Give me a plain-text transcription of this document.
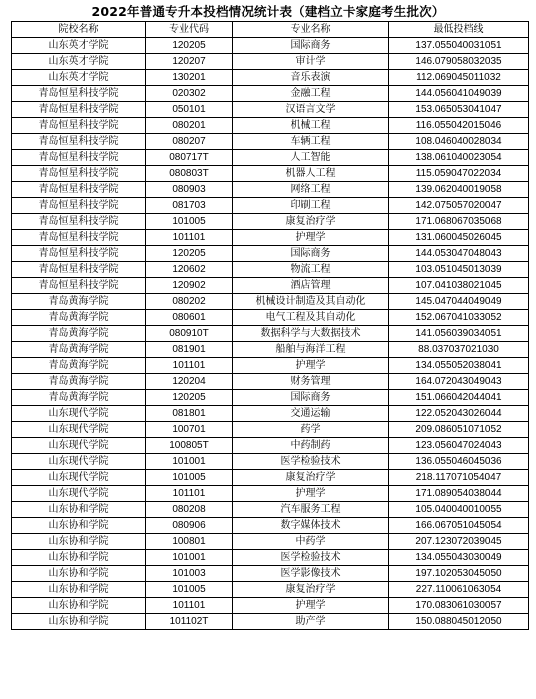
2022年普通专升本投档情况统计表（建档立卡家庭考生批次）
院校名称	专业代码	专业名称	最低投档线
山东英才学院	120205	国际商务	137.055040031051
山东英才学院	120207	审计学	146.079058032035
山东英才学院	130201	音乐表演	112.069045011032
青岛恒星科技学院	020302	金融工程	144.056041049039
青岛恒星科技学院	050101	汉语言文学	153.065053041047
青岛恒星科技学院	080201	机械工程	116.055042015046
青岛恒星科技学院	080207	车辆工程	108.046040028034
青岛恒星科技学院	080717T	人工智能	138.061040023054
青岛恒星科技学院	080803T	机器人工程	115.059047022034
青岛恒星科技学院	080903	网络工程	139.062040019058
青岛恒星科技学院	081703	印刷工程	142.075057020047
青岛恒星科技学院	101005	康复治疗学	171.068067035068
青岛恒星科技学院	101101	护理学	131.060045026045
青岛恒星科技学院	120205	国际商务	144.053047048043
青岛恒星科技学院	120602	物流工程	103.051045013039
青岛恒星科技学院	120902	酒店管理	107.041038021045
青岛黄海学院	080202	机械设计制造及其自动化	145.047044049049
青岛黄海学院	080601	电气工程及其自动化	152.067041033052
青岛黄海学院	080910T	数据科学与大数据技术	141.056039034051
青岛黄海学院	081901	船舶与海洋工程	88.037037021030
青岛黄海学院	101101	护理学	134.055052038041
青岛黄海学院	120204	财务管理	164.072043049043
青岛黄海学院	120205	国际商务	151.066042044041
山东现代学院	081801	交通运输	122.052043026044
山东现代学院	100701	药学	209.086051071052
山东现代学院	100805T	中药制药	123.056047024043
山东现代学院	101001	医学检验技术	136.055046045036
山东现代学院	101005	康复治疗学	218.117071054047
山东现代学院	101101	护理学	171.089054038044
山东协和学院	080208	汽车服务工程	105.040040010055
山东协和学院	080906	数字媒体技术	166.067051045054
山东协和学院	100801	中药学	207.123072039045
山东协和学院	101001	医学检验技术	134.055043030049
山东协和学院	101003	医学影像技术	197.102053045050
山东协和学院	101005	康复治疗学	227.110061063054
山东协和学院	101101	护理学	170.083061030057
山东协和学院	101102T	助产学	150.088045012050
